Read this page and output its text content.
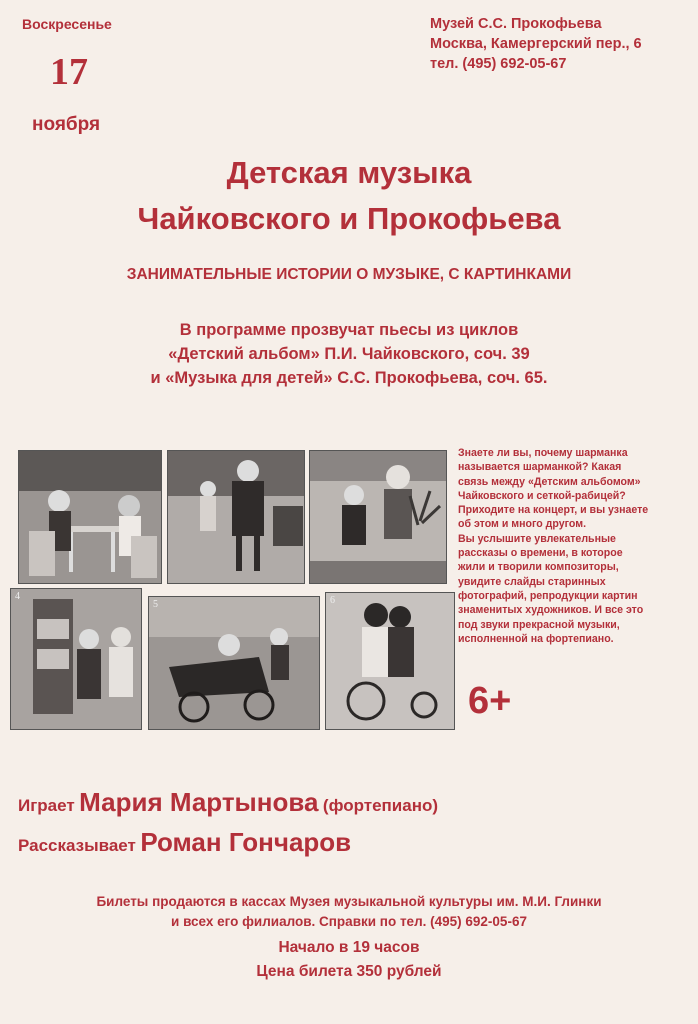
Воскресенье
17
ноября
Музей С.С. Прокофьева
Москва, Камергерский пер., 6
тел. (495) 692-05-67
Детская музыка
Чайковского и Прокофьева
ЗАНИМАТЕЛЬНЫЕ ИСТОРИИ О МУЗЫКЕ, С КАРТИНКАМИ
В программе прозвучат пьесы из циклов
«Детский альбом» П.И. Чайковского, соч. 39
и «Музыка для детей» С.С. Прокофьева, соч. 65.
4
5	6
Знаете ли вы, почему шарманка
называется шарманкой? Какая
связь между «Детским альбомом»
Чайковского и сеткой-рабицей?
Приходите на концерт, и вы узнаете
об этом и много другом.
Вы услышите увлекательные
рассказы о времени, в которое
жили и творили композиторы,
увидите слайды старинных
фотографий, репродукции картин
знаменитых художников. И все это
под звуки прекрасной музыки,
исполненной на фортепиано.
6+
Играет Мария Мартынова (фортепиано)
Рассказывает Роман Гончаров
Билеты продаются в кассах Музея музыкальной культуры им. М.И. Глинки
и всех его филиалов. Справки по тел. (495) 692-05-67
Начало в 19 часов
Цена билета 350 рублей
